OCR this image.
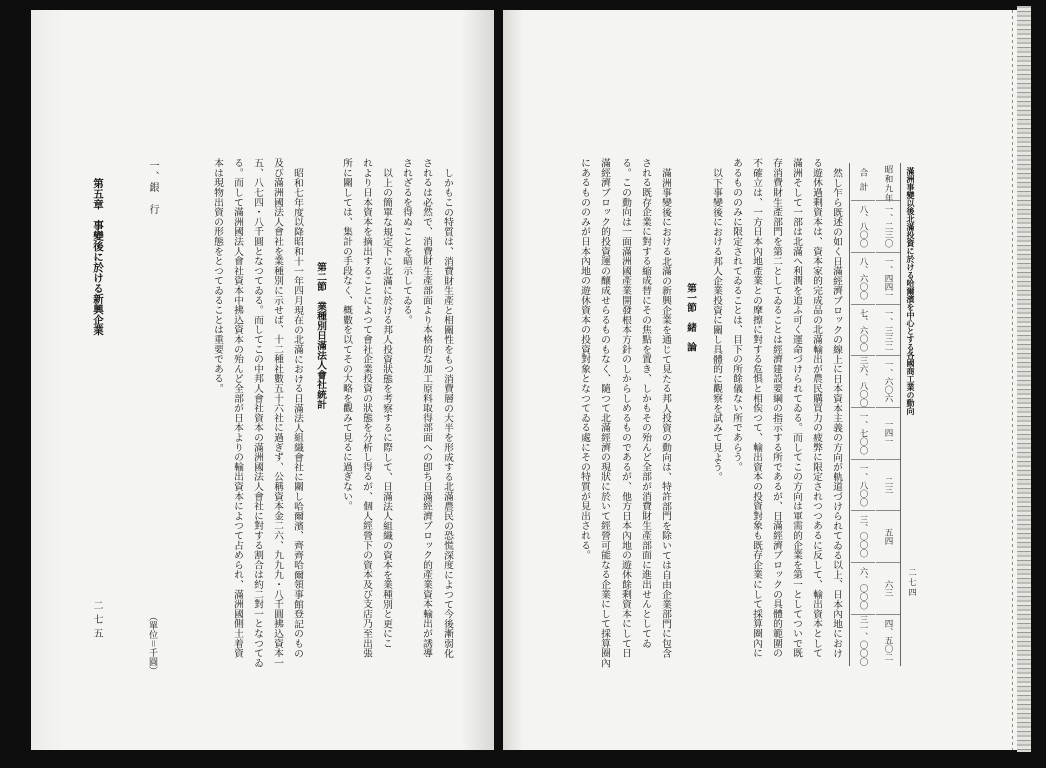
しかもこの特質は、消費財生產と相關性をもつ消費層の大半を形成する北滿農民の恐慌深度によつて今後漸弱化
されるは必然で、消費財生產部面より本格的な加工原料取得部面への卽ち日滿經濟ブロック的產業資本輸出が誘導
されざるを得ぬことを暗示してゐる。
以上の簡單な規定下に北滿に於ける邦人投資狀態を考察するに際して、日滿法人組織の資本を業種別と更にこ
れより日本資本を摘出することによつて會社企業投資の狀態を分析し得るが、個人經營下の資本及び支店乃至出張
所に關しては、集計の手段なく、概數を以てその大略を觀みて見るに過ぎない。
第二節　業種別日滿法人會社統計
昭和七年度以降昭和十一年四月現在の北滿における日滿法人組織會社に關し哈爾濱、齊齊哈爾領事館登記のもの
及び滿洲國法人會社を業種別に示せば、十二種社數五十六社に過ぎず、公稱資本金二六、九九九・八千圓拂込資本一
五、八七四・八千圓となつてゐる。而してこの中邦人會社資本の滿洲國法人會社に對する割合は約二對一となつてゐ
る。而して滿洲國法人會社資本中拂込資本の殆んど全部が日本よりの輸出資本によつて占められ、滿洲國側土着資
本は現物出資の形態をとつてゐることは重要である。
一、銀　行
（單位＝千圓）
第五章　事變後に於ける新興企業
二七五
滿洲事變以後北滿投資に於ける哈爾濱を中心とする各國商工業の動向
二七四
昭和九年
一、二三〇
一、四四一
一、三三二
一、六〇六
一四一
二三
五四
六三
四、五〇二
合計
八、八〇〇
八、六〇〇
七、六〇〇
三六、八〇〇
一、七〇〇
一、八〇〇
三、〇〇〇
六、〇〇〇
三一、〇〇〇
然し乍ら既述の如く日滿經濟ブロックの線上に日本資本主義の方向が軌道づけられてゐる以上、日本內地におけ
る遊休過剩資本は、資本家的完成品の北滿輸出が農民購買力の疲弊に限定されつつあるに反して、輸出資本として
滿洲そして一部は北滿へ利潤を追ふ可く運命づけられてゐる。而してこの方向は軍需的企業を第一としてついで既
存消費財生產部門を第二としてゐることは經濟建設要綱の指示する所であるが、日滿經濟ブロックの具體的範圍の
不確立は、一方日本內地產業との摩擦に對する危惧と相俟つて、輸出資本の投資對象も既存企業にして採算圈內に
あるもののみに限定されてゐることは、目下の所餘儀ない所であらう。
以下事變後における邦人企業投資に關し具體的に觀察を試みて見よう。
第一節　緒　論
滿洲事變後における北滿の新興企業を通じて見たる邦人投資の動向は、特許部門を除いては自由企業部門に包含
される既存企業に對する縮成替にその焦點を置き、しかもその殆んど全部が消費財生產部面に進出せんとしてゐ
る。この動向は一面滿洲國產業開發根本方針のしからしめるものであるが、他方日本內地の遊休餘剩資本にして日
滿經濟ブロック的投資運の釀成せらるものもなく、隨つて北滿經濟の現狀に於いて經營可能なる企業にして採算圈內
にあるもののみが日本內地の遊休資本の投資對象となつてゐる處にその特質が見出される。
